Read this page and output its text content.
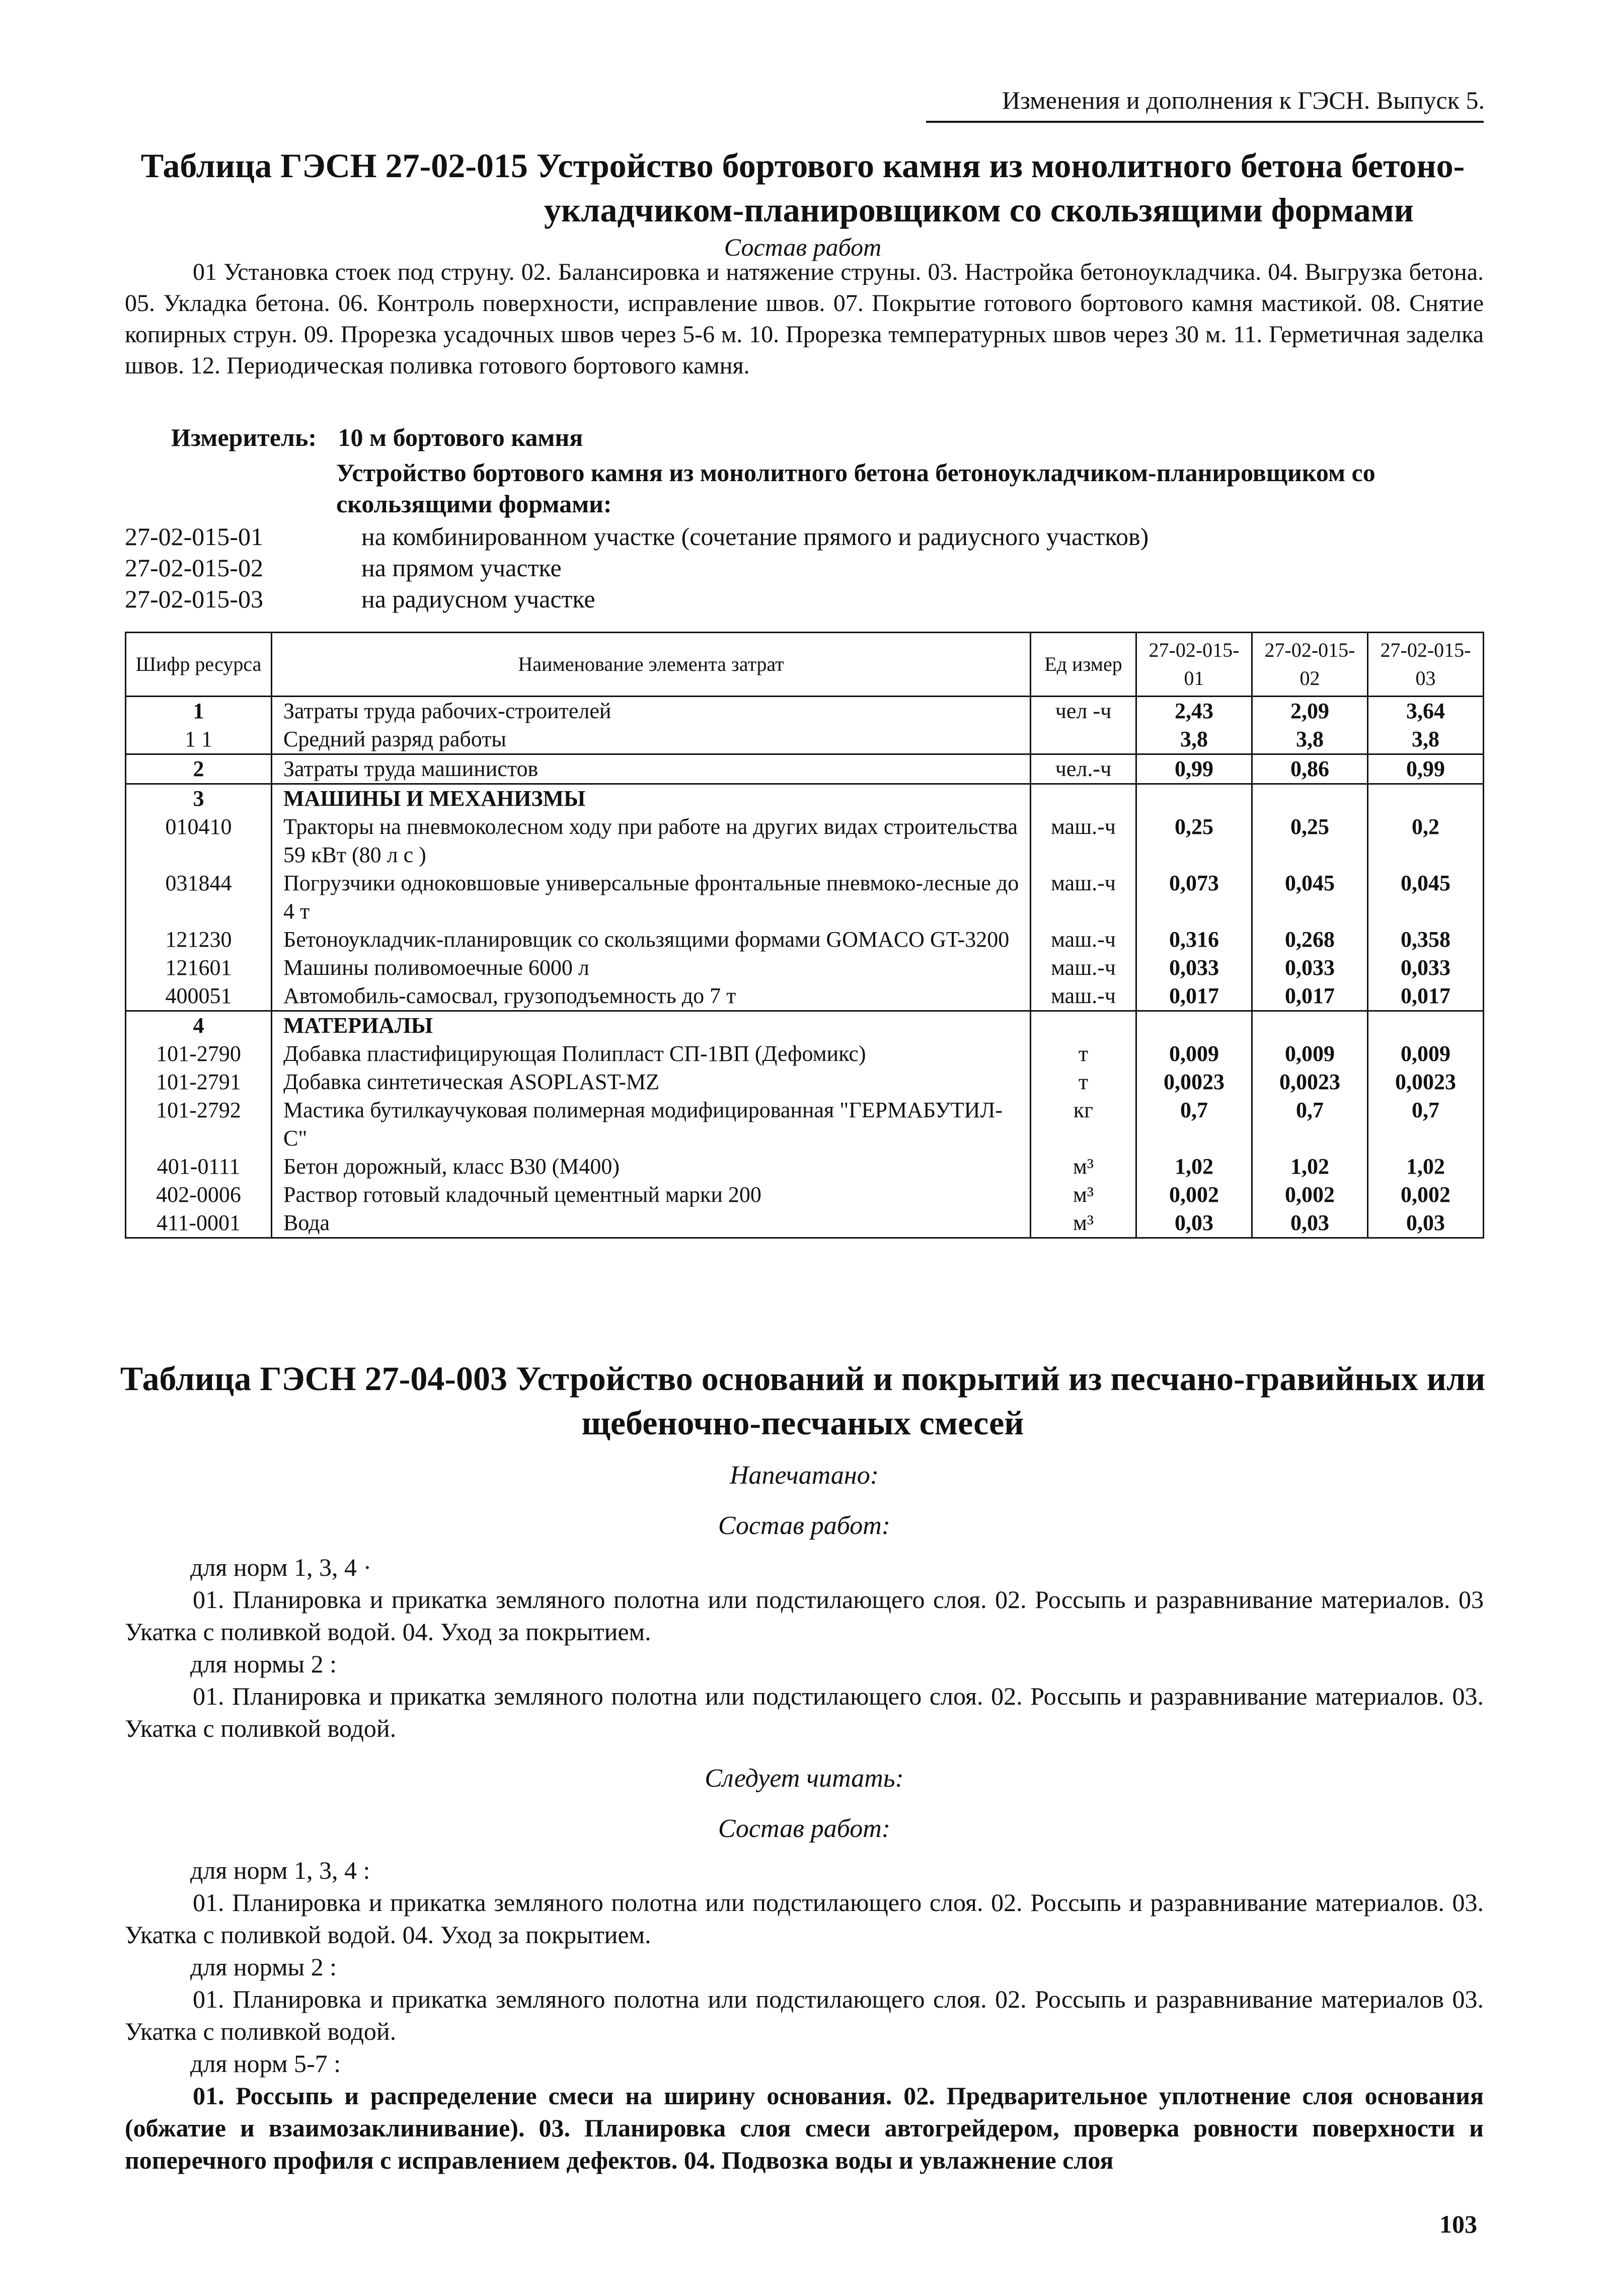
Изменения и дополнения к ГЭСН. Выпуск 5.
Таблица ГЭСН 27-02-015 Устройство бортового камня из монолитного бетона бетоно-
укладчиком-планировщиком со скользящими формами
Состав работ
01 Установка стоек под струну. 02. Балансировка и натяжение струны. 03. Настройка бетоноукладчика. 04. Выгрузка бетона. 05. Укладка бетона. 06. Контроль поверхности, исправление швов. 07. Покрытие готового бортового камня мастикой. 08. Снятие копирных струн. 09. Прорезка усадочных швов через 5-6 м. 10. Прорезка температурных швов через 30 м. 11. Герметичная заделка швов. 12. Периодическая поливка готового бортового камня.
Измеритель: 10 м бортового камня
Устройство бортового камня из монолитного бетона бетоноукладчиком-планировщиком со скользящими формами:
27-02-015-01	на комбинированном участке (сочетание прямого и радиусного участков)
27-02-015-02	на прямом участке
27-02-015-03	на радиусном участке
Шифр ресурса	Наименование элемента затрат	Ед измер	27-02-015-01	27-02-015-02	27-02-015-03
1	Затраты труда рабочих-строителей	чел -ч	2,43	2,09	3,64
1 1	Средний разряд работы		3,8	3,8	3,8
2	Затраты труда машинистов	чел.-ч	0,99	0,86	0,99
3	МАШИНЫ И МЕХАНИЗМЫ				
010410	Тракторы на пневмоколесном ходу при работе на других видах строительства 59 кВт (80 л с )	маш.-ч	0,25	0,25	0,2
031844	Погрузчики одноковшовые универсальные фронтальные пневмоко-лесные до 4 т	маш.-ч	0,073	0,045	0,045
121230	Бетоноукладчик-планировщик со скользящими формами GOMACO GT-3200	маш.-ч	0,316	0,268	0,358
121601	Машины поливомоечные 6000 л	маш.-ч	0,033	0,033	0,033
400051	Автомобиль-самосвал, грузоподъемность до 7 т	маш.-ч	0,017	0,017	0,017
4	МАТЕРИАЛЫ				
101-2790	Добавка пластифицирующая Полипласт СП-1ВП (Дефомикс)	т	0,009	0,009	0,009
101-2791	Добавка синтетическая ASOPLAST-MZ	т	0,0023	0,0023	0,0023
101-2792	Мастика бутилкаучуковая полимерная модифицированная "ГЕРМАБУТИЛ-С"	кг	0,7	0,7	0,7
401-0111	Бетон дорожный, класс В30 (М400)	м³	1,02	1,02	1,02
402-0006	Раствор готовый кладочный цементный марки 200	м³	0,002	0,002	0,002
411-0001	Вода	м³	0,03	0,03	0,03
Таблица ГЭСН 27-04-003 Устройство оснований и покрытий из песчано-гравийных или
щебеночно-песчаных смесей
Напечатано:
Состав работ:
для норм 1, 3, 4 ·
01. Планировка и прикатка земляного полотна или подстилающего слоя. 02. Россыпь и разравнивание материалов. 03 Укатка с поливкой водой. 04. Уход за покрытием.
для нормы 2 :
01. Планировка и прикатка земляного полотна или подстилающего слоя. 02. Россыпь и разравнивание материалов. 03. Укатка с поливкой водой.
Следует читать:
Состав работ:
для норм 1, 3, 4 :
01. Планировка и прикатка земляного полотна или подстилающего слоя. 02. Россыпь и разравнивание материалов. 03. Укатка с поливкой водой. 04. Уход за покрытием.
для нормы 2 :
01. Планировка и прикатка земляного полотна или подстилающего слоя. 02. Россыпь и разравнивание материалов 03. Укатка с поливкой водой.
для норм 5-7 :
01. Россыпь и распределение смеси на ширину основания. 02. Предварительное уплотнение слоя основания (обжатие и взаимозаклинивание). 03. Планировка слоя смеси автогрейдером, проверка ровности поверхности и поперечного профиля с исправлением дефектов. 04. Подвозка воды и увлажнение слоя
103
